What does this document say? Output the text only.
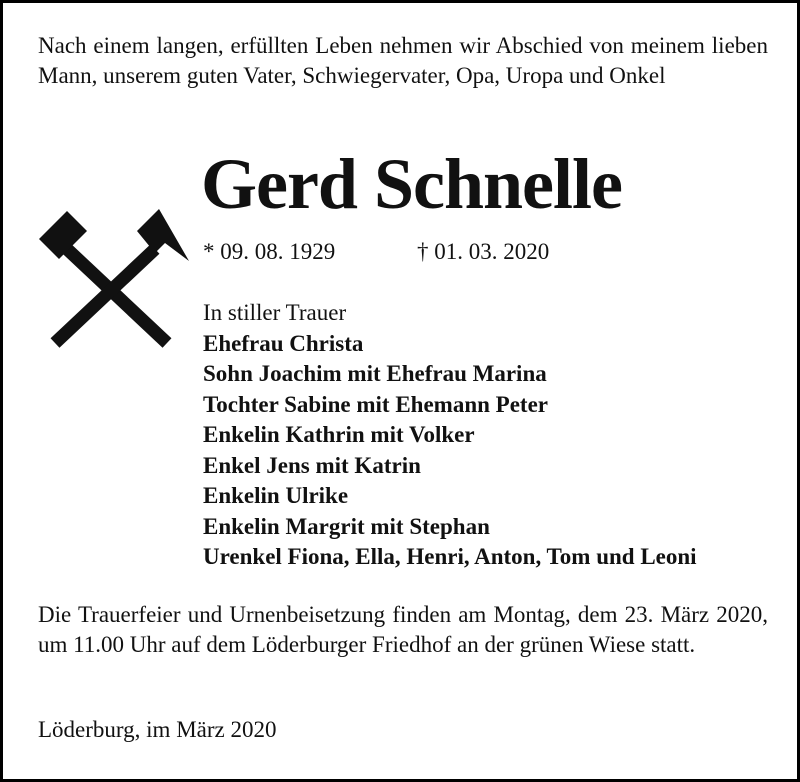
Nach einem langen, erfüllten Leben nehmen wir Abschied von meinem lieben Mann, unserem guten Vater, Schwiegervater, Opa, Uropa und Onkel
Gerd Schnelle
* 09. 08. 1929	† 01. 03. 2020
In stiller Trauer
Ehefrau Christa
Sohn Joachim mit Ehefrau Marina
Tochter Sabine mit Ehemann Peter
Enkelin Kathrin mit Volker
Enkel Jens mit Katrin
Enkelin Ulrike
Enkelin Margrit mit Stephan
Urenkel Fiona, Ella, Henri, Anton, Tom und Leoni
Die Trauerfeier und Urnenbeisetzung finden am Montag, dem 23. März 2020, um 11.00 Uhr auf dem Löderburger Friedhof an der grünen Wiese statt.
Löderburg, im März 2020
